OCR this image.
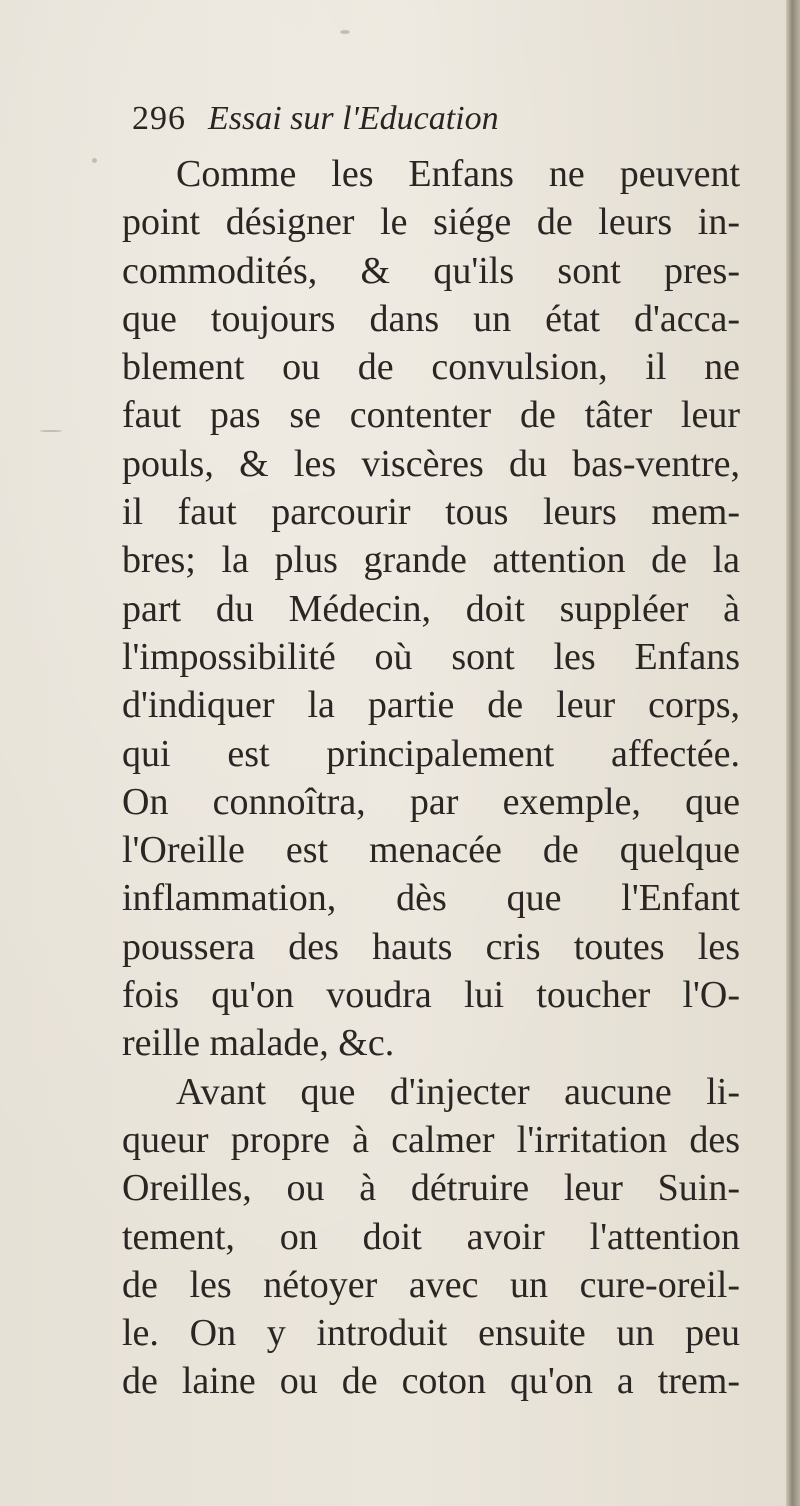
296 Essai sur l'Education
Comme les Enfans ne peuvent
point désigner le siége de leurs in-
commodités, & qu'ils sont pres-
que toujours dans un état d'acca-
blement ou de convulsion, il ne
faut pas se contenter de tâter leur
pouls, & les viscères du bas-ventre,
il faut parcourir tous leurs mem-
bres; la plus grande attention de la
part du Médecin, doit suppléer à
l'impossibilité où sont les Enfans
d'indiquer la partie de leur corps,
qui est principalement affectée.
On connoîtra, par exemple, que
l'Oreille est menacée de quelque
inflammation, dès que l'Enfant
poussera des hauts cris toutes les
fois qu'on voudra lui toucher l'O-
reille malade, &c.
Avant que d'injecter aucune li-
queur propre à calmer l'irritation des
Oreilles, ou à détruire leur Suin-
tement, on doit avoir l'attention
de les nétoyer avec un cure-oreil-
le. On y introduit ensuite un peu
de laine ou de coton qu'on a trem-
